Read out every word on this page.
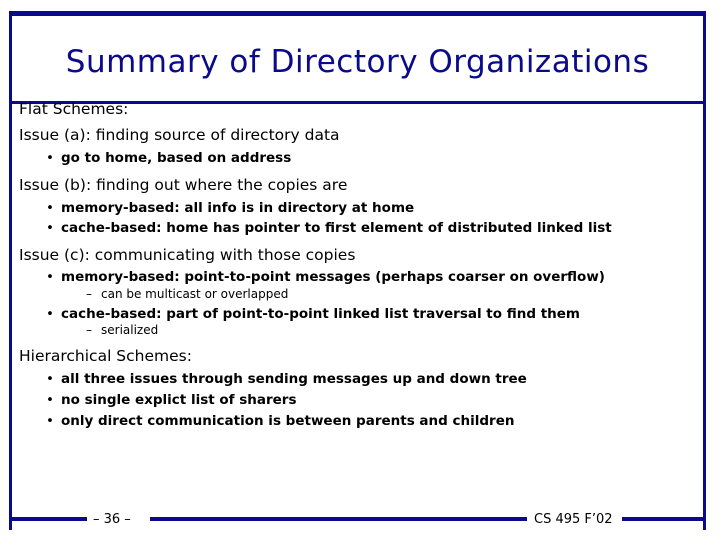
Summary of Directory Organizations
Flat Schemes:
Issue (a): finding source of directory data
• go to home, based on address
Issue (b): finding out where the copies are
• memory-based: all info is in directory at home
• cache-based: home has pointer to first element of distributed linked list
Issue (c): communicating with those copies
• memory-based: point-to-point messages (perhaps coarser on overflow)
– can be multicast or overlapped
• cache-based: part of point-to-point linked list traversal to find them
– serialized
Hierarchical Schemes:
• all three issues through sending messages up and down tree
• no single explict list of sharers
• only direct communication is between parents and children
– 36 –	CS 495 F’02
